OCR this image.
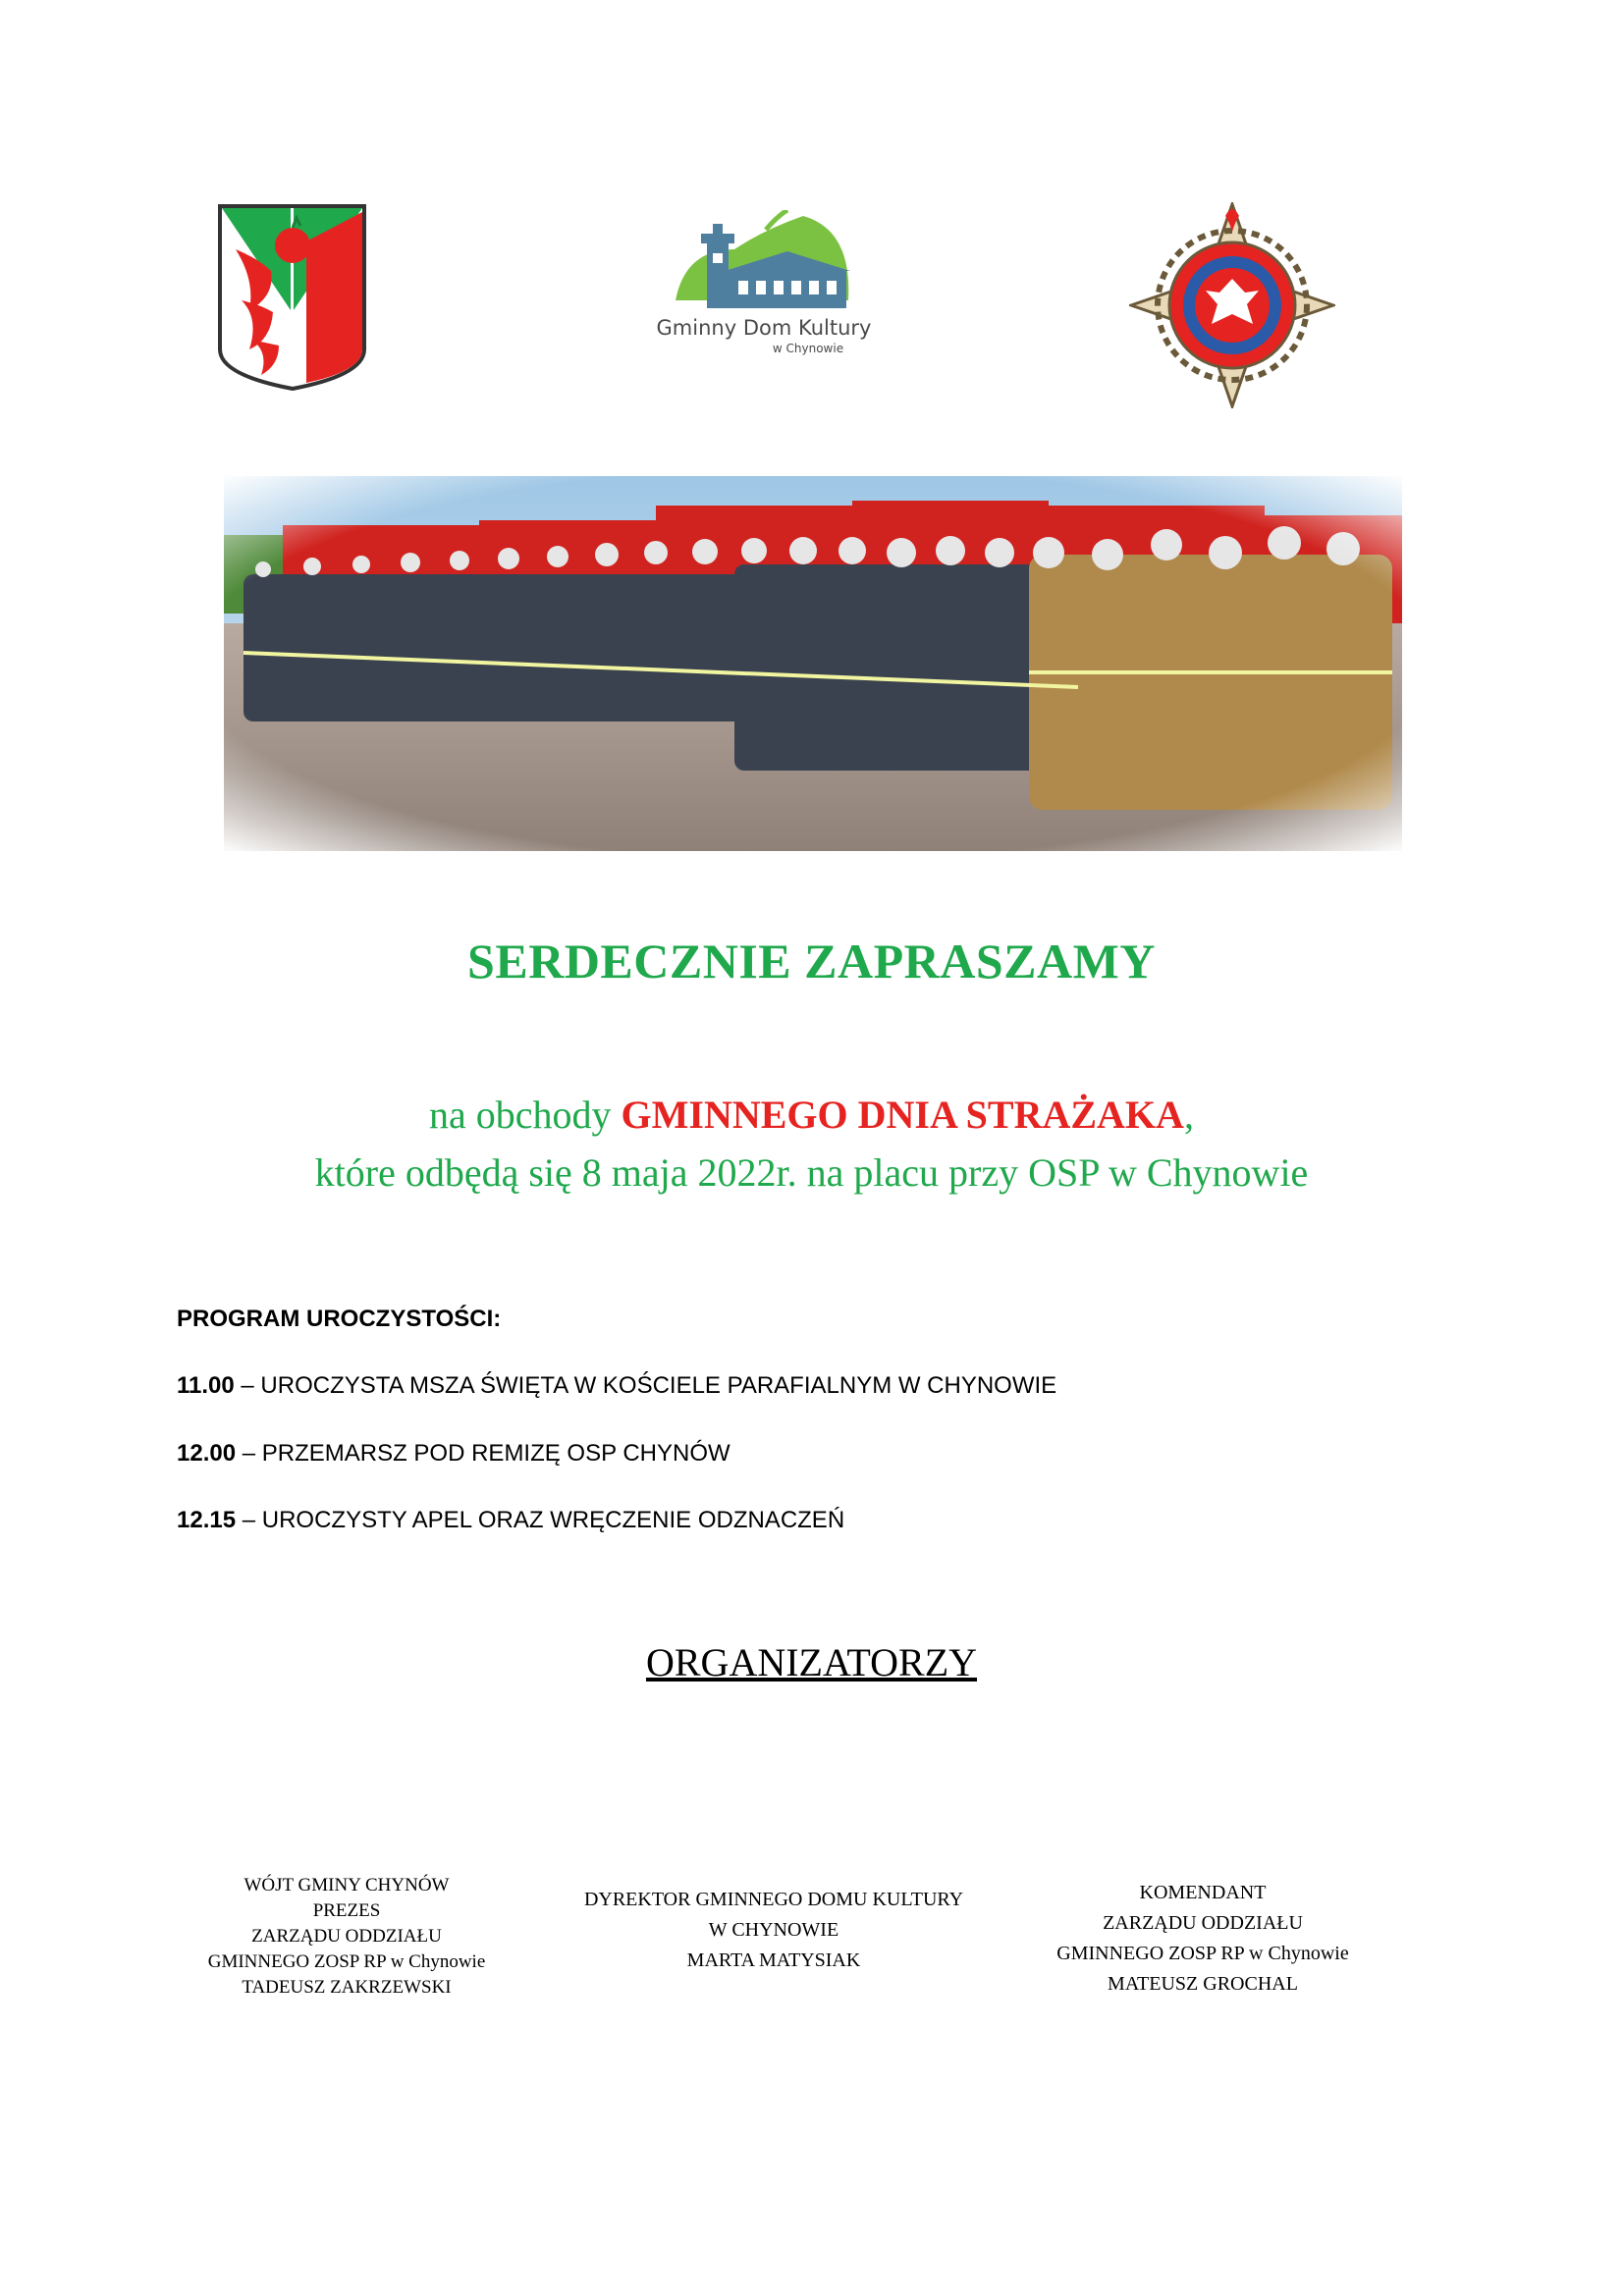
Gminny Dom Kultury
w Chynowie
SERDECZNIE ZAPRASZAMY
na obchody GMINNEGO DNIA STRAŻAKA,
które odbędą się 8 maja 2022r. na placu przy OSP w Chynowie
PROGRAM UROCZYSTOŚCI:
11.00 – UROCZYSTA MSZA ŚWIĘTA W KOŚCIELE PARAFIALNYM W CHYNOWIE
12.00 – PRZEMARSZ POD REMIZĘ OSP CHYNÓW
12.15 – UROCZYSTY APEL ORAZ WRĘCZENIE ODZNACZEŃ
ORGANIZATORZY
WÓJT GMINY CHYNÓW
PREZES
ZARZĄDU ODDZIAŁU
GMINNEGO ZOSP RP w Chynowie
TADEUSZ ZAKRZEWSKI
DYREKTOR GMINNEGO DOMU KULTURY
W CHYNOWIE
MARTA MATYSIAK
KOMENDANT
ZARZĄDU ODDZIAŁU
GMINNEGO ZOSP RP w Chynowie
MATEUSZ GROCHAL
